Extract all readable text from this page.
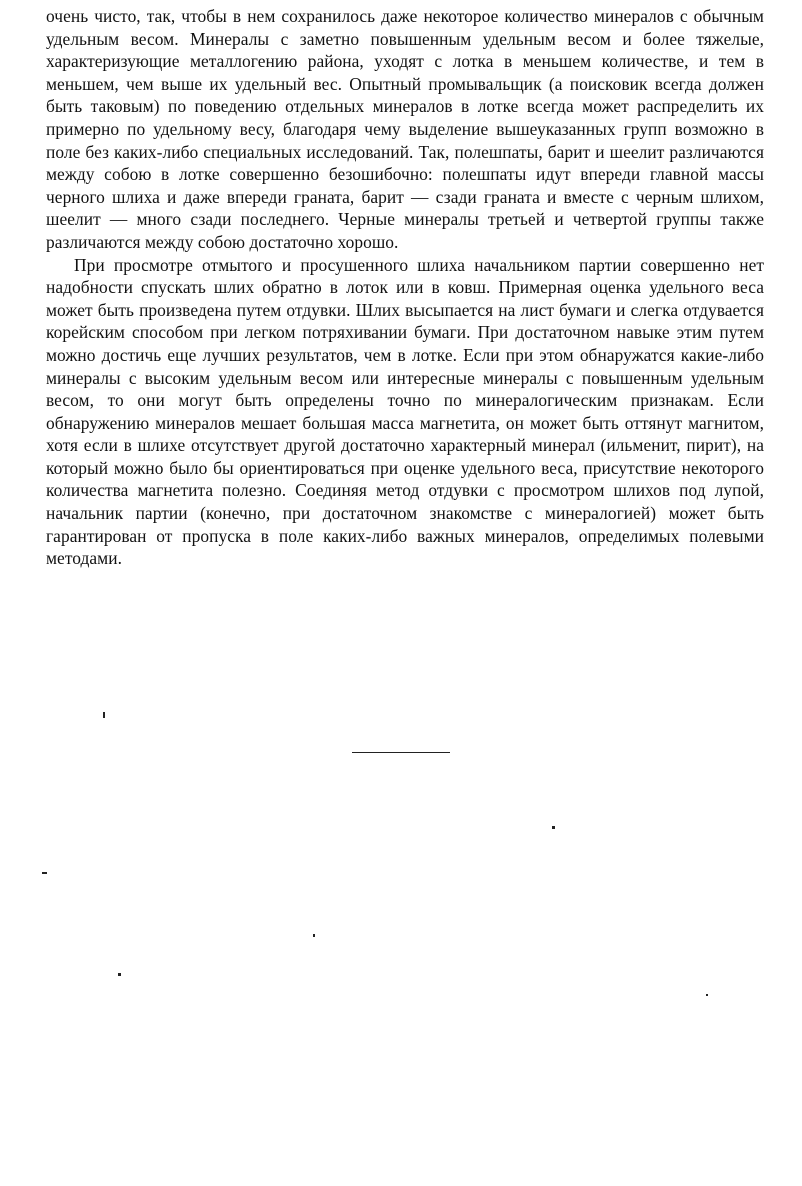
очень чисто, так, чтобы в нем сохранилось даже некоторое количество минералов с обычным удельным весом. Минералы с заметно повышенным удельным весом и более тяжелые, характеризующие металлогению района, уходят с лотка в меньшем количестве, и тем в меньшем, чем выше их удельный вес. Опытный промывальщик (а поисковик всегда должен быть таковым) по поведению отдельных минералов в лотке всегда может распределить их примерно по удельному весу, благодаря чему выделение вышеуказанных групп возможно в поле без каких-либо специальных исследований. Так, полешпаты, барит и шеелит различаются между собою в лотке совершенно безошибочно: полешпаты идут впереди главной массы черного шлиха и даже впереди граната, барит — сзади граната и вместе с черным шлихом, шеелит — много сзади последнего. Черные минералы третьей и четвертой группы также различаются между собою достаточно хорошо.

При просмотре отмытого и просушенного шлиха начальником партии совершенно нет надобности спускать шлих обратно в лоток или в ковш. Примерная оценка удельного веса может быть произведена путем отдувки. Шлих высыпается на лист бумаги и слегка отдувается корейским способом при легком потряхивании бумаги. При достаточном навыке этим путем можно достичь еще лучших результатов, чем в лотке. Если при этом обнаружатся какие-либо минералы с высоким удельным весом или интересные минералы с повышенным удельным весом, то они могут быть определены точно по минералогическим признакам. Если обнаружению минералов мешает большая масса магнетита, он может быть оттянут магнитом, хотя если в шлихе отсутствует другой достаточно характерный минерал (ильменит, пирит), на который можно было бы ориентироваться при оценке удельного веса, присутствие некоторого количества магнетита полезно. Соединяя метод отдувки с просмотром шлихов под лупой, начальник партии (конечно, при достаточном знакомстве с минералогией) может быть гарантирован от пропуска в поле каких-либо важных минералов, определимых полевыми методами.
